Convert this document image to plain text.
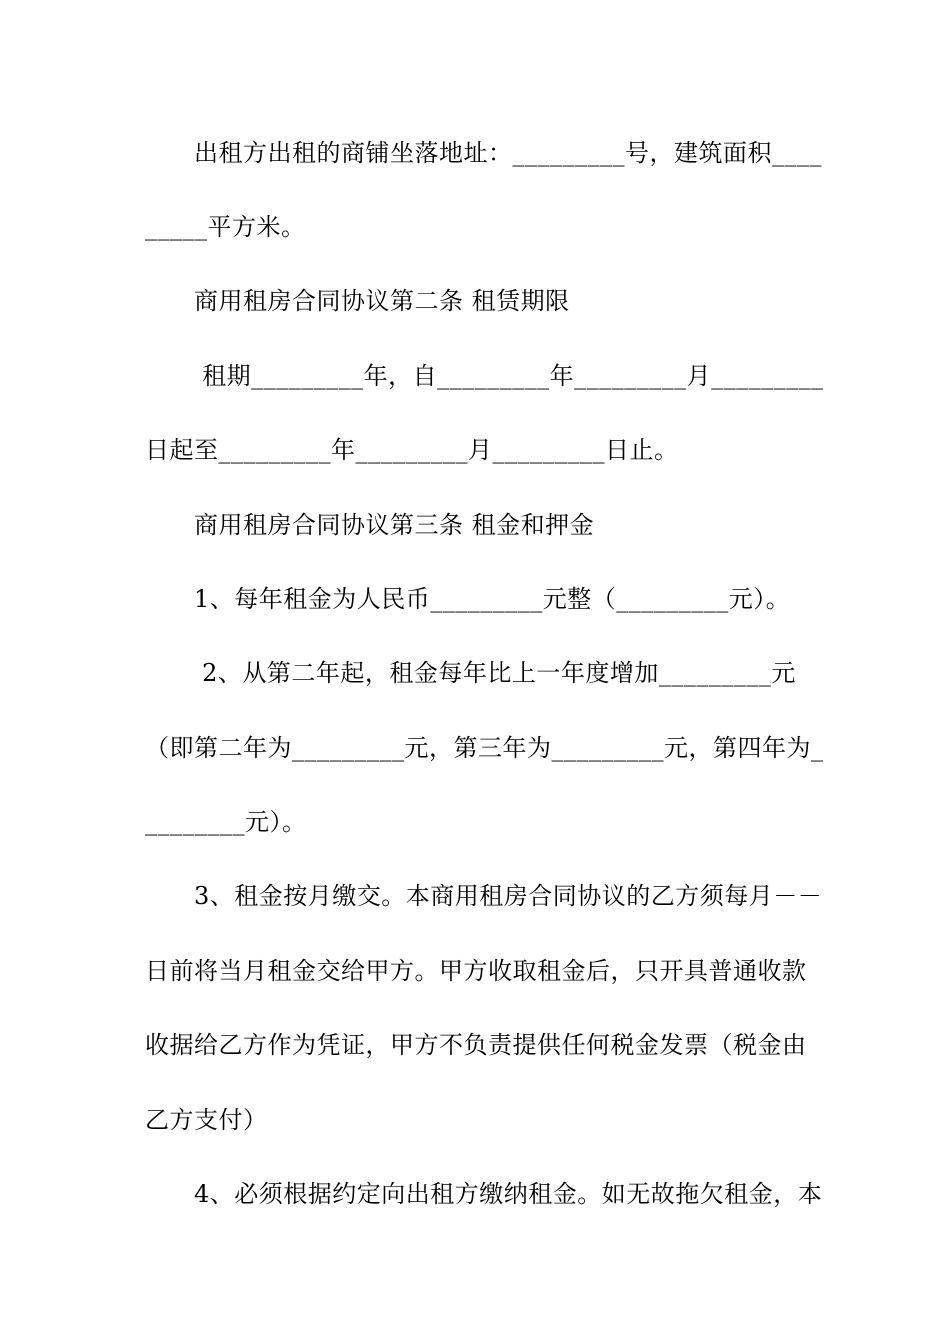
　　出租方出租的商铺坐落地址：_________号，建筑面积____
_____平方米。
　　商用租房合同协议第二条 租赁期限
　　 租期_________年，自_________年_________月_________
日起至_________年_________月_________日止。
　　商用租房合同协议第三条 租金和押金
　　1、每年租金为人民币_________元整（_________元）。
　　 2、从第二年起，租金每年比上一年度增加_________元
（即第二年为_________元，第三年为_________元，第四年为_
________元）。
　　3、租金按月缴交。本商用租房合同协议的乙方须每月－－
日前将当月租金交给甲方。甲方收取租金后，只开具普通收款
收据给乙方作为凭证，甲方不负责提供任何税金发票（税金由
乙方支付）
　　4、必须根据约定向出租方缴纳租金。如无故拖欠租金，本
